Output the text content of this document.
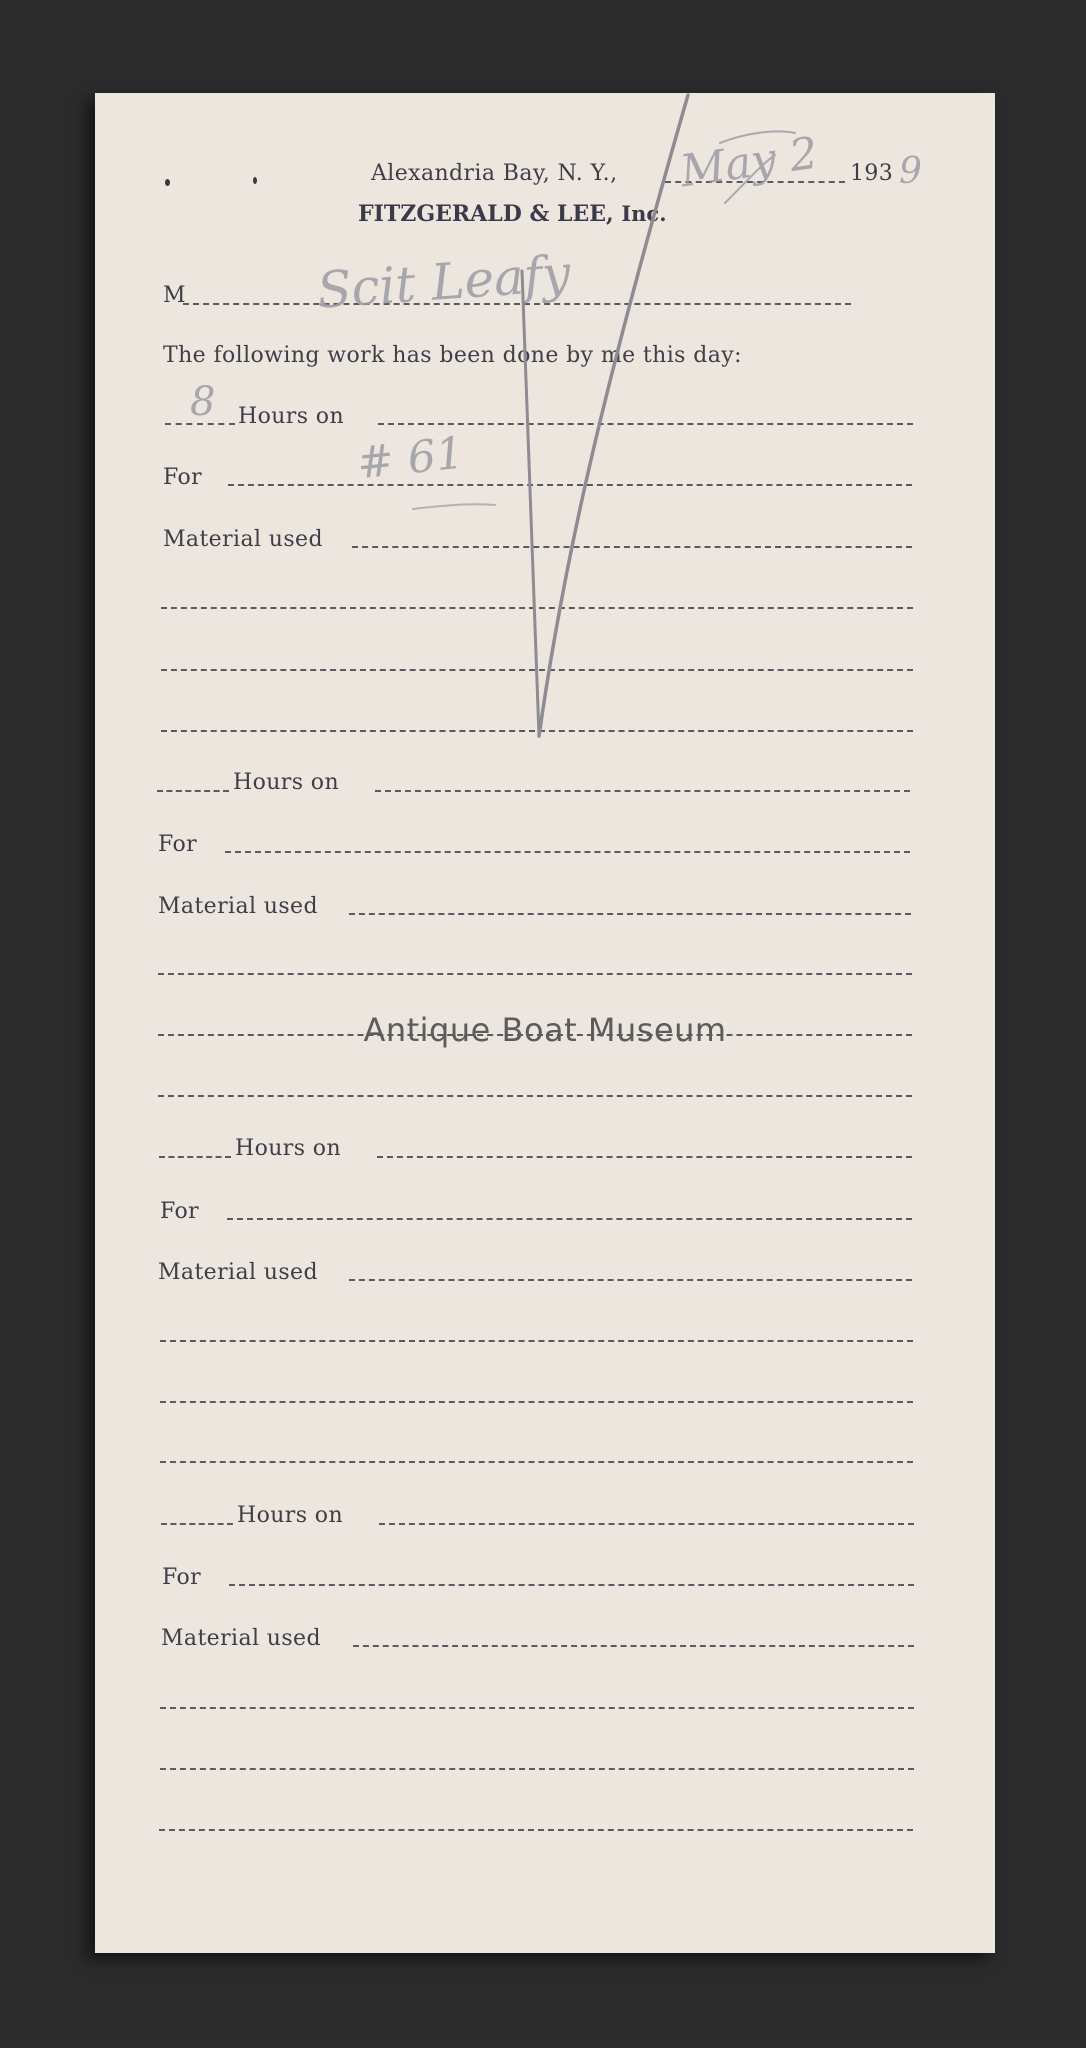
Alexandria Bay, N. Y.,	193
May 2 9
FITZGERALD & LEE, Inc.
M	Scit Leafy
The following work has been done by me this day:
8 Hours on
For	# 61
Material used
Hours on
For
Material used
Hours on
For
Material used
Hours on
For
Material used
Antique Boat Museum
